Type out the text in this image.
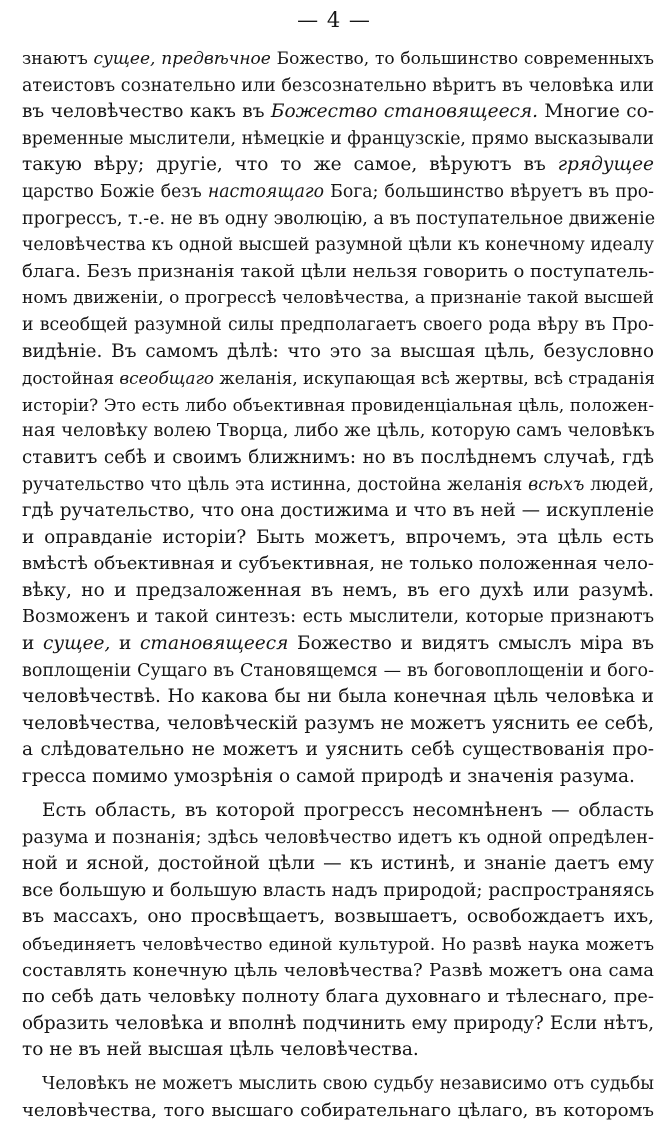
— 4 —
знаютъ сущее, предвѣчное Божество, то большинство современныхъ
атеистовъ сознательно или безсознательно вѣритъ въ человѣка или
въ человѣчество какъ въ Божество становящееся. Многие со-
временные мыслители, нѣмецкiе и французскiе, прямо высказывали
такую вѣру; другiе, что то же самое, вѣруютъ въ грядущее
царство Божiе безъ настоящаго Бога; большинство вѣруетъ въ про-
прогрессъ, т.-е. не въ одну эволюцiю, а въ поступательное движенiе
человѣчества къ одной высшей разумной цѣли къ конечному идеалу
блага. Безъ признанiя такой цѣли нельзя говорить о поступатель-
номъ движенiи, о прогрессѣ человѣчества, а признанiе такой высшей
и всеобщей разумной силы предполагаетъ своего рода вѣру въ Про-
видѣнiе. Въ самомъ дѣлѣ: что это за высшая цѣль, безусловно
достойная всеобщаго желанiя, искупающая всѣ жертвы, всѣ страданiя
исторiи? Это есть либо объективная провиденцiальная цѣль, положен-
ная человѣку волею Творца, либо же цѣль, которую самъ человѣкъ
ставитъ себѣ и своимъ ближнимъ: но въ послѣднемъ случаѣ, гдѣ
ручательство что цѣль эта истинна, достойна желанiя всѣхъ людей,
гдѣ ручательство, что она достижима и что въ ней — искупленiе
и оправданiе исторiи? Быть можетъ, впрочемъ, эта цѣль есть
вмѣстѣ объективная и субъективная, не только положенная чело-
вѣку, но и предзаложенная въ немъ, въ его духѣ или разумѣ.
Возможенъ и такой синтезъ: есть мыслители, которые признаютъ
и сущее, и становящееся Божество и видятъ смыслъ мiра въ
воплощенiи Сущаго въ Становящемся — въ боговоплощенiи и бого-
человѣчествѣ. Но какова бы ни была конечная цѣль человѣка и
человѣчества, человѣческiй разумъ не можетъ уяснить ее себѣ,
а слѣдовательно не можетъ и уяснить себѣ существованiя про-
гресса помимо умозрѣнiя о самой природѣ и значенiя разума.
Есть область, въ которой прогрессъ несомнѣненъ — область
разума и познанiя; здѣсь человѣчество идетъ къ одной опредѣлен-
ной и ясной, достойной цѣли — къ истинѣ, и знанiе даетъ ему
все большую и большую власть надъ природой; распространяясь
въ массахъ, оно просвѣщаетъ, возвышаетъ, освобождаетъ ихъ,
объединяетъ человѣчество единой культурой. Но развѣ наука можетъ
составлять конечную цѣль человѣчества? Развѣ можетъ она сама
по себѣ дать человѣку полноту блага духовнаго и тѣлеснаго, пре-
образить человѣка и вполнѣ подчинить ему природу? Если нѣтъ,
то не въ ней высшая цѣль человѣчества.
Человѣкъ не можетъ мыслить свою судьбу независимо отъ судьбы
человѣчества, того высшаго собирательнаго цѣлаго, въ которомъ
